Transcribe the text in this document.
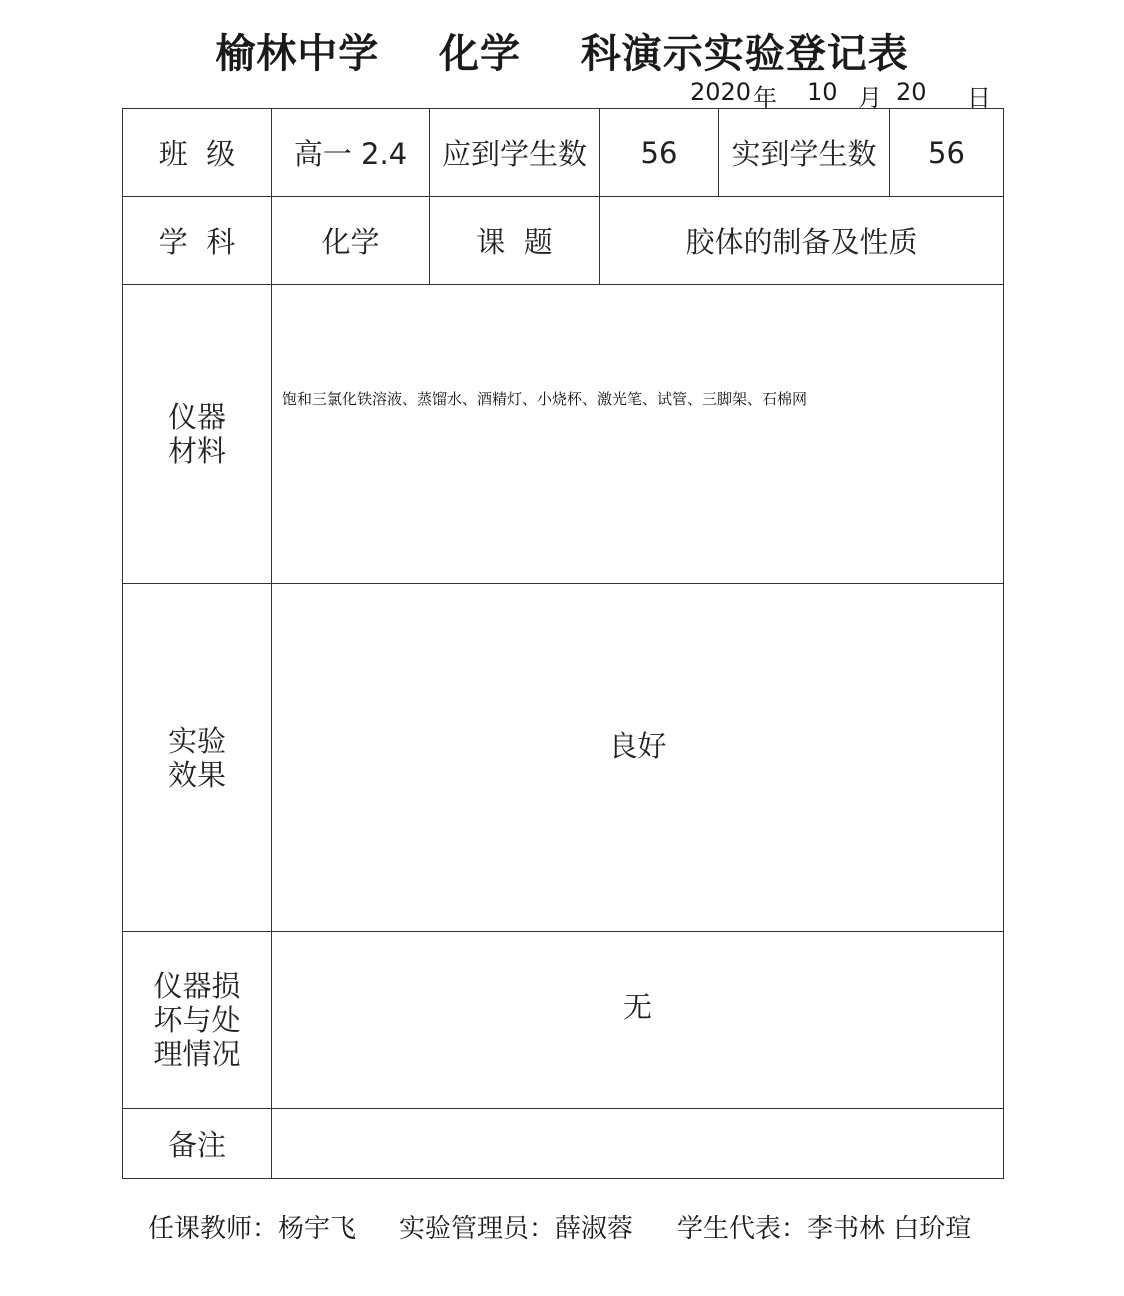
榆林中学    化学    科演示实验登记表
2020 年 10 月 20 日
班  级	高一 2.4	应到学生数	56	实到学生数	56
学  科	化学	课  题	胶体的制备及性质		

仪器
材料	饱和三氯化铁溶液、蒸馏水、酒精灯、小烧杯、激光笔、试管、三脚架、石棉网				

实验
效果	良好				

仪器损
坏与处
理情况	无				

备注					
任课教师：杨宇飞 实验管理员：薛淑蓉 学生代表：李书林 白玠瑄
